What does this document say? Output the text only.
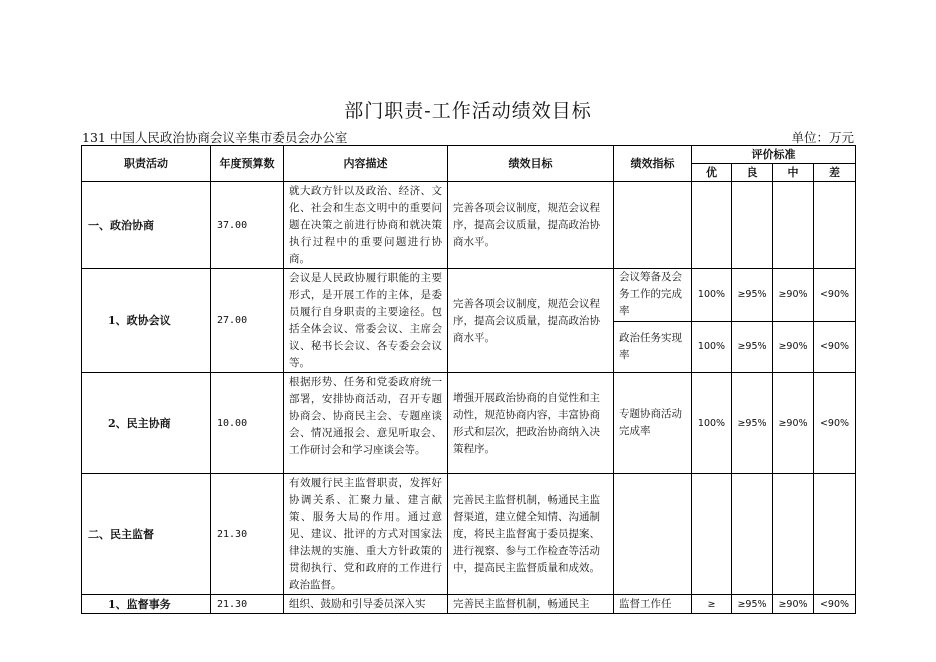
部门职责-工作活动绩效目标
131 中国人民政治协商会议辛集市委员会办公室	单位：万元
职责活动	年度预算数	内容描述	绩效目标	绩效指标	评价标准			
					优	良	中	差
一、政治协商	37.00	就大政方针以及政治、经济、文化、社会和生态文明中的重要问题在决策之前进行协商和就决策执行过程中的重要问题进行协商。	完善各项会议制度，规范会议程序，提高会议质量，提高政治协商水平。					
1、政协会议	27.00	会议是人民政协履行职能的主要形式，是开展工作的主体，是委员履行自身职责的主要途径。包括全体会议、常委会议、主席会议、秘书长会议、各专委会会议等。	完善各项会议制度，规范会议程序，提高会议质量，提高政治协商水平。	会议筹备及会务工作的完成率	100%	≥95%	≥90%	<90%
				政治任务实现率	100%	≥95%	≥90%	<90%
2、民主协商	10.00	根据形势、任务和党委政府统一部署，安排协商活动，召开专题协商会、协商民主会、专题座谈会、情况通报会、意见听取会、工作研讨会和学习座谈会等。	增强开展政治协商的自觉性和主动性，规范协商内容，丰富协商形式和层次，把政治协商纳入决策程序。	专题协商活动完成率	100%	≥95%	≥90%	<90%
二、民主监督	21.30	有效履行民主监督职责，发挥好协调关系、汇聚力量、建言献策、服务大局的作用。通过意见、建议、批评的方式对国家法律法规的实施、重大方针政策的贯彻执行、党和政府的工作进行政治监督。	完善民主监督机制，畅通民主监督渠道，建立健全知情、沟通制度，将民主监督寓于委员提案、进行视察、参与工作检查等活动中，提高民主监督质量和成效。					
1、监督事务	21.30	组织、鼓励和引导委员深入实	完善民主监督机制，畅通民主	监督工作任	≥	≥95%	≥90%	<90%
